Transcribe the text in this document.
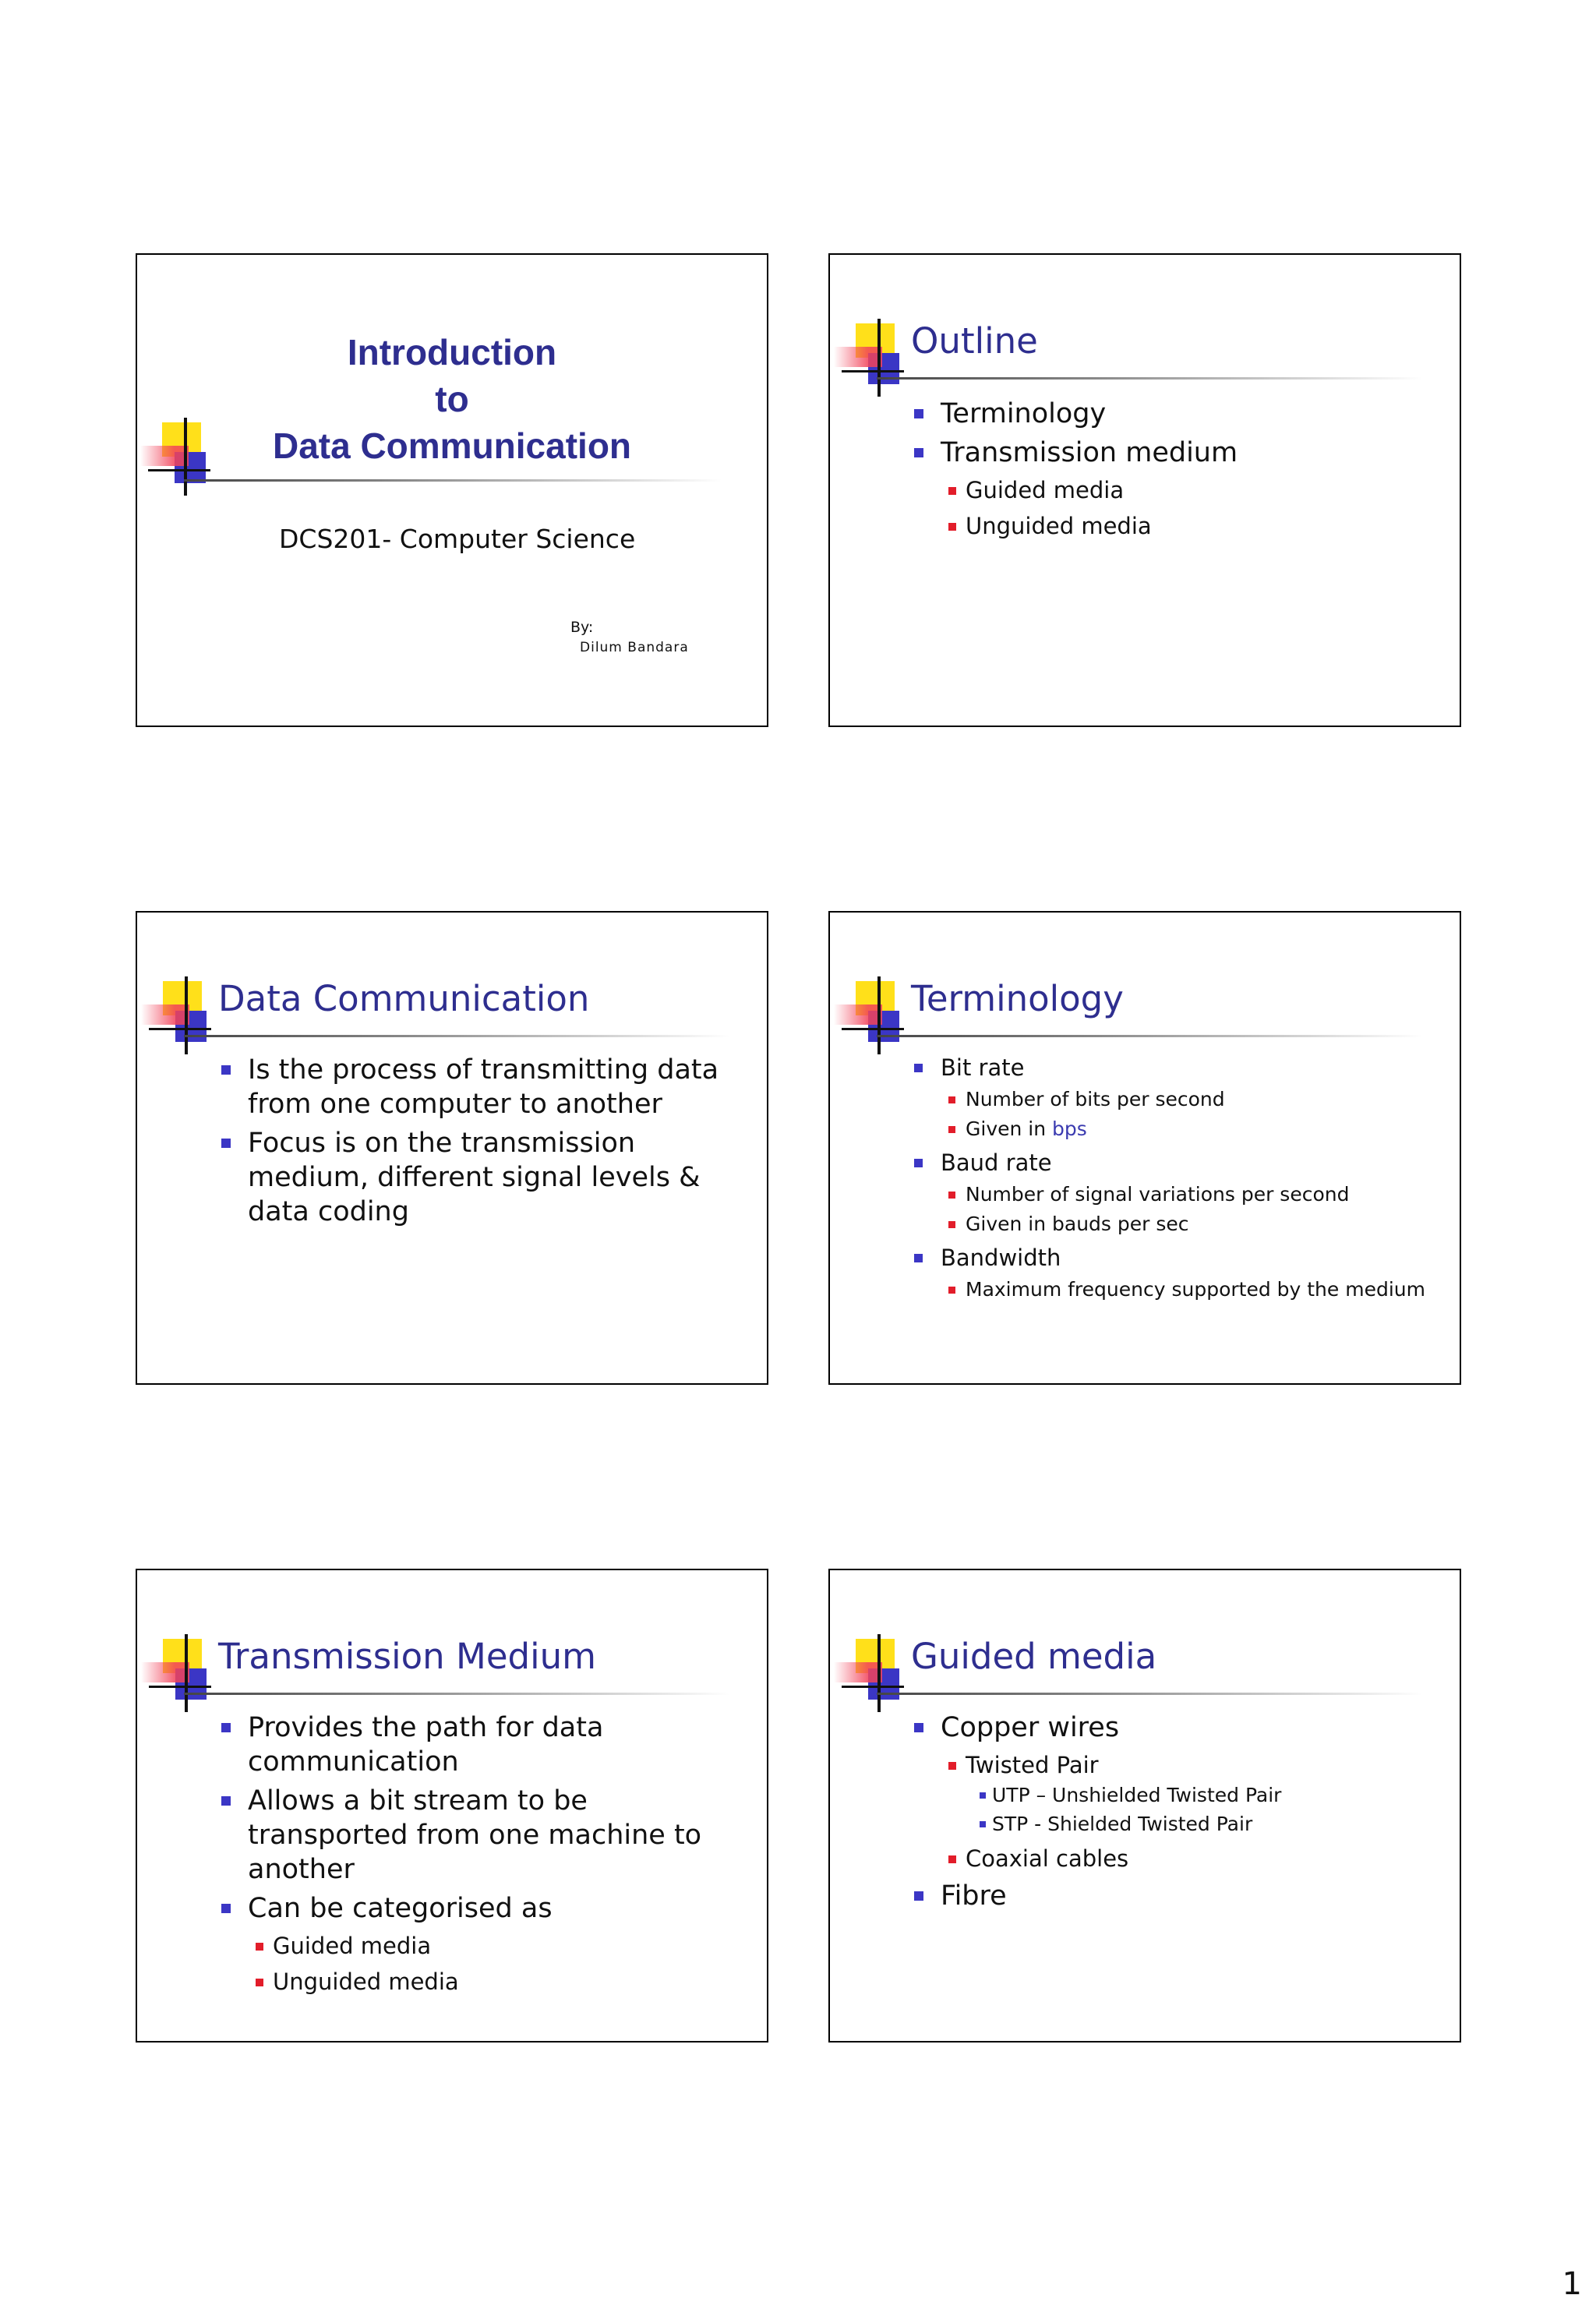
Introduction
to
Data Communication
DCS201- Computer Science
By:
Dilum Bandara
Outline
Terminology
Transmission medium
Guided media
Unguided media
Data Communication
Is the process of transmitting data from one computer to another
Focus is on the transmission medium, different signal levels & data coding
Terminology
Bit rate
Number of bits per second
Given in bps
Baud rate
Number of signal variations per second
Given in bauds per sec
Bandwidth
Maximum frequency supported by the medium
Transmission Medium
Provides the path for data communication
Allows a bit stream to be transported from one machine to another
Can be categorised as
Guided media
Unguided media
Guided media
Copper wires
Twisted Pair
UTP – Unshielded Twisted Pair
STP - Shielded Twisted Pair
Coaxial cables
Fibre
1
